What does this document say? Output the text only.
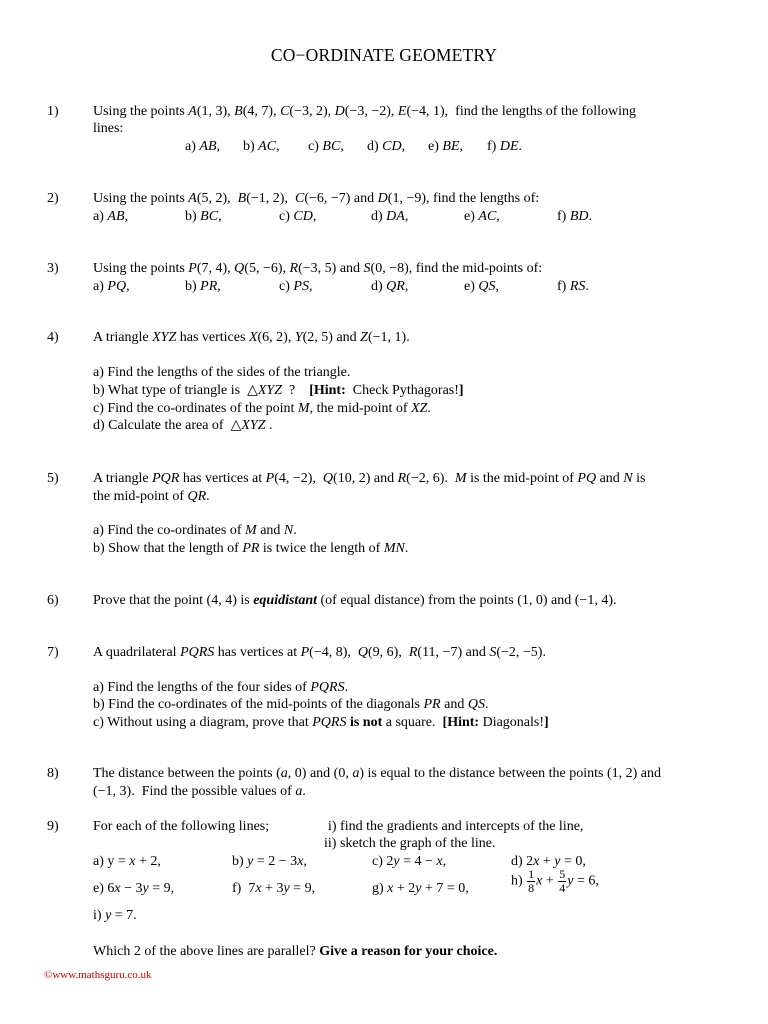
CO−ORDINATE GEOMETRY
1) Using the points A(1, 3), B(4, 7), C(−3, 2), D(−3, −2), E(−4, 1),  find the lengths of the following
lines:
a) AB, b) AC, c) BC, d) CD, e) BE, f) DE.
2) Using the points A(5, 2),  B(−1, 2),  C(−6, −7) and D(1, −9), find the lengths of:
a) AB,	b) BC,	c) CD,	d) DA,	e) AC,	f) BD.
3) Using the points P(7, 4), Q(5, −6), R(−3, 5) and S(0, −8), find the mid-points of:
a) PQ,	b) PR,	c) PS,	d) QR,	e) QS,	f) RS.
4) A triangle XYZ has vertices X(6, 2), Y(2, 5) and Z(−1, 1).
a) Find the lengths of the sides of the triangle.
b) What type of triangle is  △XYZ  ?    [Hint:  Check Pythagoras!]
c) Find the co-ordinates of the point M, the mid-point of XZ.
d) Calculate the area of  △XYZ .
5) A triangle PQR has vertices at P(4, −2),  Q(10, 2) and R(−2, 6).  M is the mid-point of PQ and N is
the mid-point of QR.
a) Find the co-ordinates of M and N.
b) Show that the length of PR is twice the length of MN.
6) Prove that the point (4, 4) is equidistant (of equal distance) from the points (1, 0) and (−1, 4).
7) A quadrilateral PQRS has vertices at P(−4, 8),  Q(9, 6),  R(11, −7) and S(−2, −5).
a) Find the lengths of the four sides of PQRS.
b) Find the co-ordinates of the mid-points of the diagonals PR and QS.
c) Without using a diagram, prove that PQRS is not a square.  [Hint: Diagonals!]
8) The distance between the points (a, 0) and (0, a) is equal to the distance between the points (1, 2) and
(−1, 3).  Find the possible values of a.
9) For each of the following lines;	i) find the gradients and intercepts of the line,
ii) sketch the graph of the line.
a) y = x + 2,	b) y = 2 − 3x,	c) 2y = 4 − x,	d) 2x + y = 0,
e) 6x − 3y = 9,	f)  7x + 3y = 9,	g) x + 2y + 7 = 0,	$h) \frac{1}{8}$ $x + \frac{5}{4}$ y = 6,
i) y = 7.
Which 2 of the above lines are parallel? Give a reason for your choice.
©www.mathsguru.co.uk
